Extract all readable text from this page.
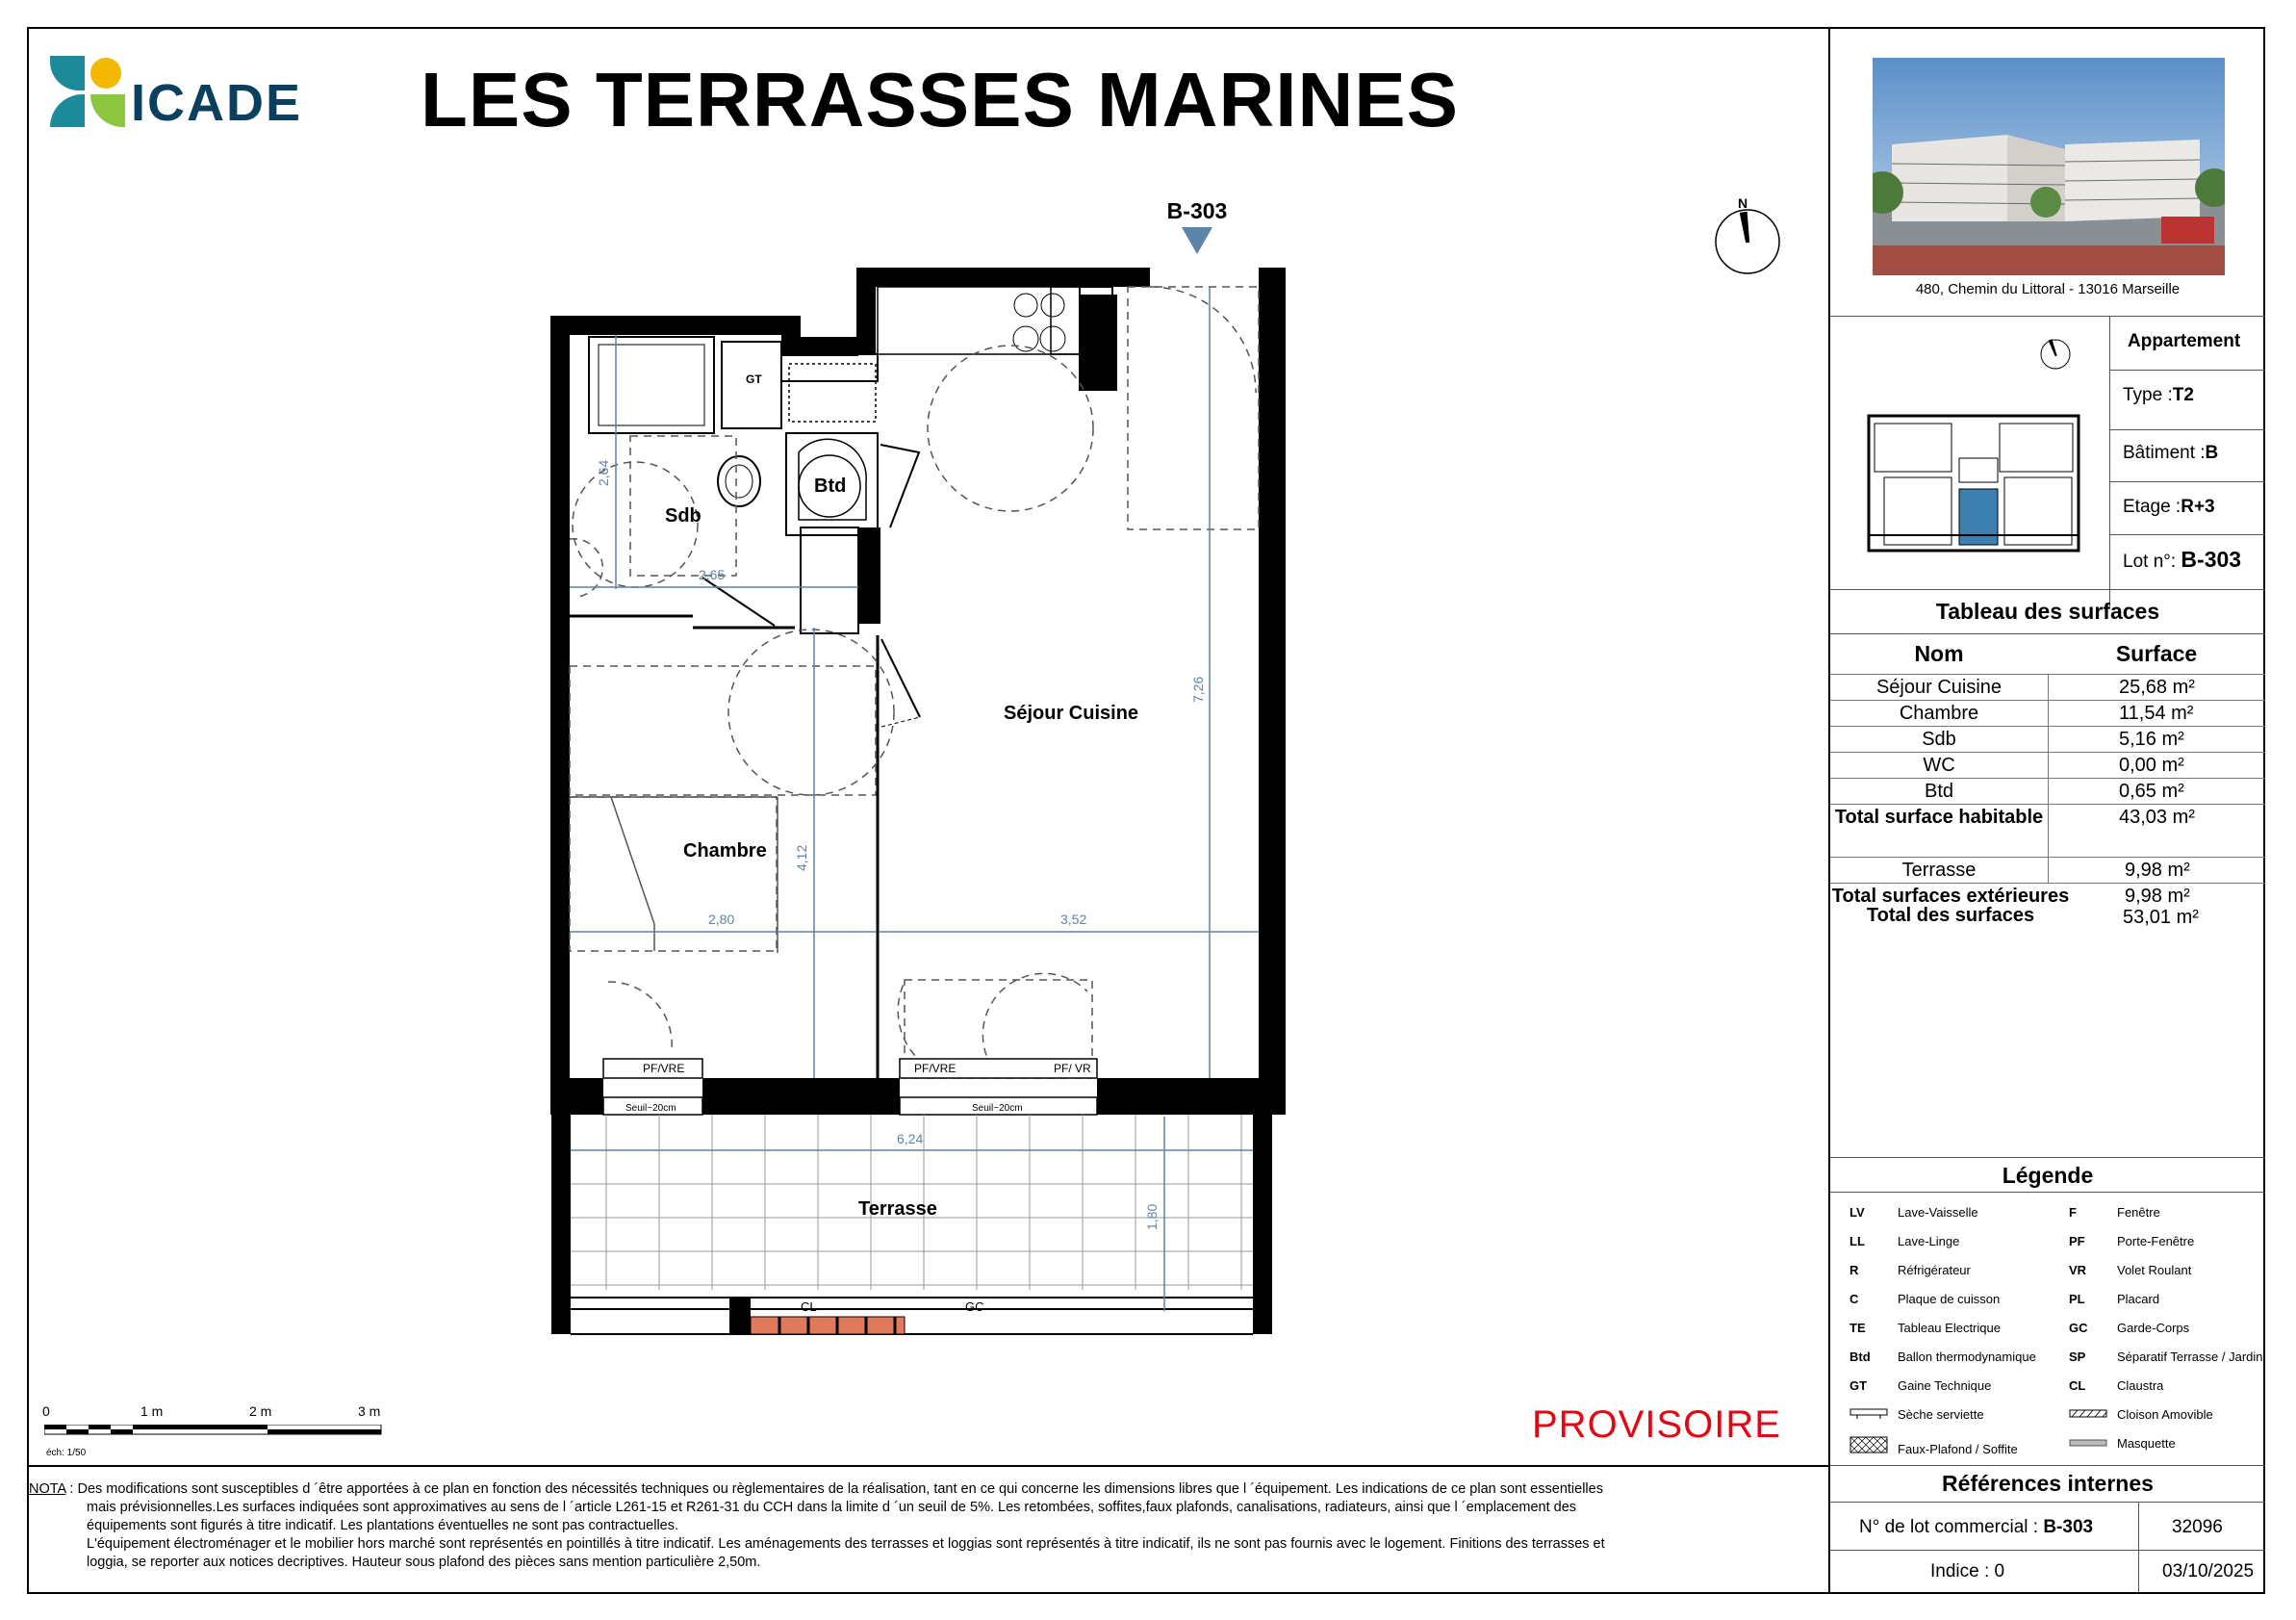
ICADE LES TERRASSES MARINES
B-303	N
GT
GT
PF/VRE	PF/VRE	PF/ VR
Seuil~20cm	Seuil~20cm
CL	GC
2,64
2,65
7,26
4,12
2,80	3,52
6,24
1,80
Sdb
Btd
Séjour Cuisine
Chambre
Terrasse
0	1 m	2 m	3 m
éch: 1/50
PROVISOIRE
NOTA : Des modifications sont susceptibles d ´être apportées à ce plan en fonction des nécessités techniques ou règlementaires de la réalisation, tant en ce qui concerne les dimensions libres que l ´équipement. Les indications de ce plan sont essentielles
mais prévisionnelles.Les surfaces indiquées sont approximatives au sens de l ´article L261-15 et R261-31 du CCH dans la limite d ´un seuil de 5%. Les retombées, soffites,faux plafonds, canalisations, radiateurs, ainsi que l ´emplacement des
équipements sont figurés à titre indicatif. Les plantations éventuelles ne sont pas contractuelles.
L'équipement électroménager et le mobilier hors marché sont représentés en pointillés à titre indicatif. Les aménagements des terrasses et loggias sont représentés à titre indicatif, ils ne sont pas fournis avec le logement. Finitions des terrasses et
loggia, se reporter aux notices decriptives. Hauteur sous plafond des pièces sans mention particulière 2,50m.
480, Chemin du Littoral - 13016 Marseille
Appartement
Type :T2
Bâtiment :B
Etage :R+3
Lot n°: B-303
Tableau des surfaces
Nom	Surface
Séjour Cuisine	25,68 m²
Chambre	11,54 m²
Sdb	5,16 m²
WC	0,00 m²
Btd	0,65 m²
Total surface habitable	43,03 m²
Terrasse	9,98 m²
Total surfaces extérieures	9,98 m²
Total des surfaces	53,01 m²
Légende
LV	Lave-Vaisselle
LL	Lave-Linge
R	Réfrigérateur
C	Plaque de cuisson
TE	Tableau Electrique
Btd Ballon thermodynamique
GT Gaine Technique
Sèche serviette
Faux-Plafond / Soffite
F	Fenêtre
PF	Porte-Fenêtre
VR Volet Roulant
PL	Placard
GC Garde-Corps
SP	Séparatif Terrasse / Jardin
CL	Claustra
Cloison Amovible
Masquette
Références internes
N° de lot commercial : B-303	32096
Indice : 0	03/10/2025
